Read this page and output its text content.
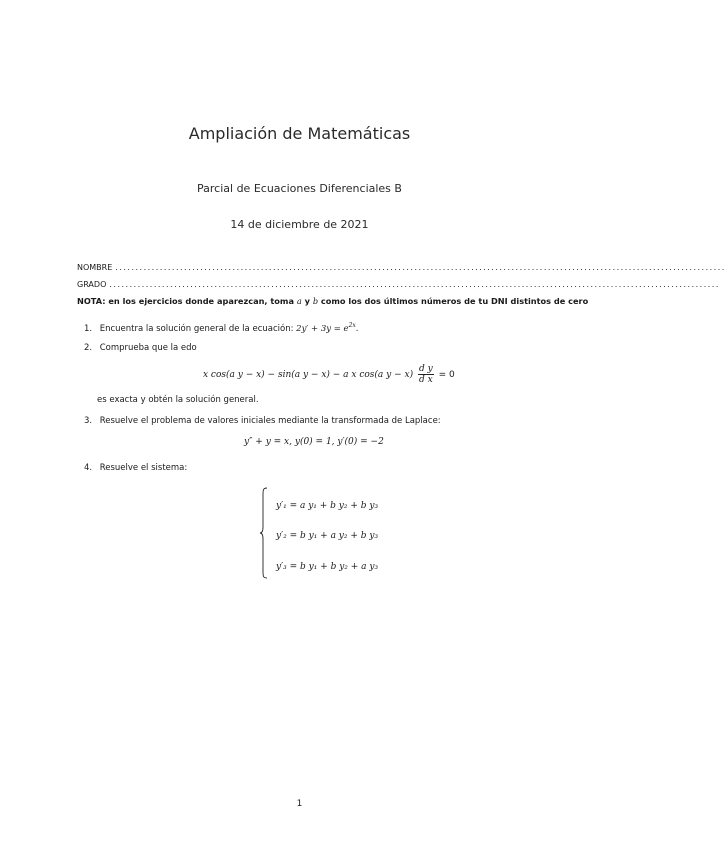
Ampliación de Matemáticas
Parcial de Ecuaciones Diferenciales B
14 de diciembre de 2021
NOMBRE .......................................................................................................................................................
GRADO .......................................................................................................................................................
NOTA: en los ejercicios donde aparezcan, toma a y b como los dos últimos números de tu DNI distintos de cero
1. Encuentra la solución general de la ecuación: $2y' + 3y = e^{2x}$.
2. Comprueba que la edo
x cos(a y − x) − sin(a y − x) − a x cos(a $y - x) \frac{\text{d y}}{\text{d x}} = 0$
es exacta y obtén la solución general.
3. Resuelve el problema de valores iniciales mediante la transformada de Laplace:
y″ + y = x, y(0) = 1, y′(0) = −2
4. Resuelve el sistema:
y′₁ = a y₁ + b y₂ + b y₃
y′₂ = b y₁ + a y₂ + b y₃
y′₃ = b y₁ + b y₂ + a y₃
1
